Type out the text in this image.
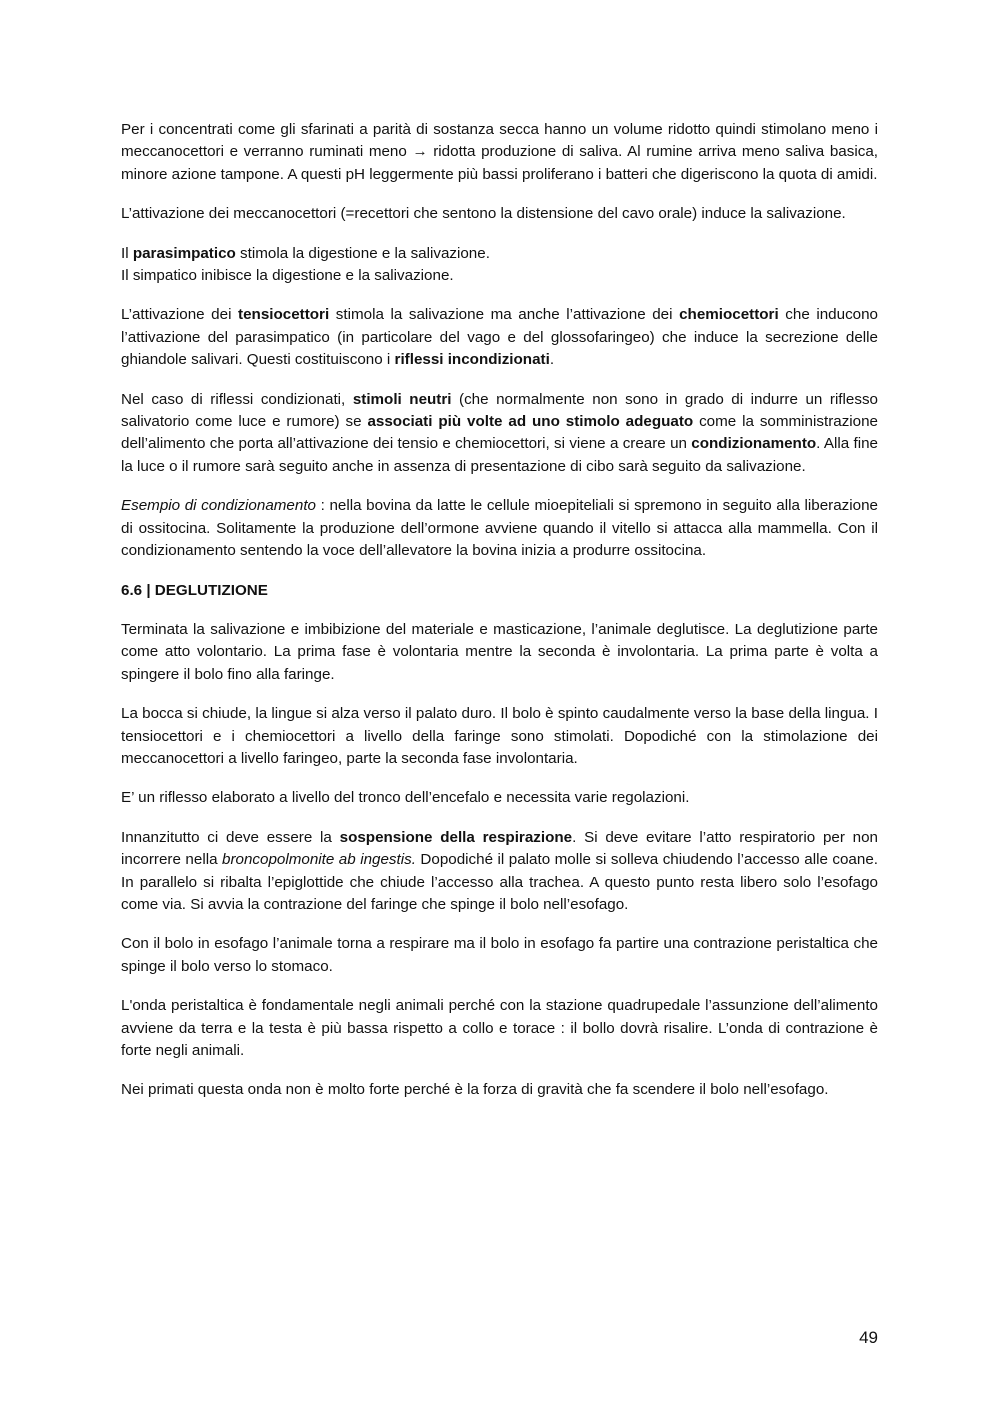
Per i concentrati come gli sfarinati a parità di sostanza secca hanno un volume ridotto quindi stimolano meno i meccanocettori e verranno ruminati meno → ridotta produzione di saliva. Al rumine arriva meno saliva basica, minore azione tampone. A questi pH leggermente più bassi proliferano i batteri che digeriscono la quota di amidi.

L’attivazione dei meccanocettori (=recettori che sentono la distensione del cavo orale) induce la salivazione.

Il parasimpatico stimola la digestione e la salivazione.

Il simpatico inibisce la digestione e la salivazione.

L’attivazione dei tensiocettori stimola la salivazione ma anche l’attivazione dei chemiocettori che inducono l’attivazione del parasimpatico (in particolare del vago e del glossofaringeo) che induce la secrezione delle ghiandole salivari. Questi costituiscono i riflessi incondizionati.

Nel caso di riflessi condizionati, stimoli neutri (che normalmente non sono in grado di indurre un riflesso salivatorio come luce e rumore) se associati più volte ad uno stimolo adeguato come la somministrazione dell’alimento che porta all’attivazione dei tensio e chemiocettori, si viene a creare un condizionamento. Alla fine la luce o il rumore sarà seguito anche in assenza di presentazione di cibo sarà seguito da salivazione.

Esempio di condizionamento : nella bovina da latte le cellule mioepiteliali si spremono in seguito alla liberazione di ossitocina. Solitamente la produzione dell’ormone avviene quando il vitello si attacca alla mammella. Con il condizionamento sentendo la voce dell’allevatore la bovina inizia a produrre ossitocina.

6.6 | DEGLUTIZIONE

Terminata la salivazione e imbibizione del materiale e masticazione, l’animale deglutisce. La deglutizione parte come atto volontario. La prima fase è volontaria mentre la seconda è involontaria. La prima parte è volta a spingere il bolo fino alla faringe.

La bocca si chiude, la lingue si alza verso il palato duro. Il bolo è spinto caudalmente verso la base della lingua. I tensiocettori e i chemiocettori a livello della faringe sono stimolati. Dopodiché con la stimolazione dei meccanocettori a livello faringeo, parte la seconda fase involontaria.

E’ un riflesso elaborato a livello del tronco dell’encefalo e necessita varie regolazioni.

Innanzitutto ci deve essere la sospensione della respirazione. Si deve evitare l’atto respiratorio per non incorrere nella broncopolmonite ab ingestis. Dopodiché il palato molle si solleva chiudendo l’accesso alle coane. In parallelo si ribalta l’epiglottide che chiude l’accesso alla trachea. A questo punto resta libero solo l’esofago come via. Si avvia la contrazione del faringe che spinge il bolo nell’esofago.

Con il bolo in esofago l’animale torna a respirare ma il bolo in esofago fa partire una contrazione peristaltica che spinge il bolo verso lo stomaco.

L'onda peristaltica è fondamentale negli animali perché con la stazione quadrupedale l’assunzione dell’alimento avviene da terra e la testa è più bassa rispetto a collo e torace : il bollo dovrà risalire. L’onda di contrazione è forte negli animali.

Nei primati questa onda non è molto forte perché è la forza di gravità che fa scendere il bolo nell’esofago.

49
